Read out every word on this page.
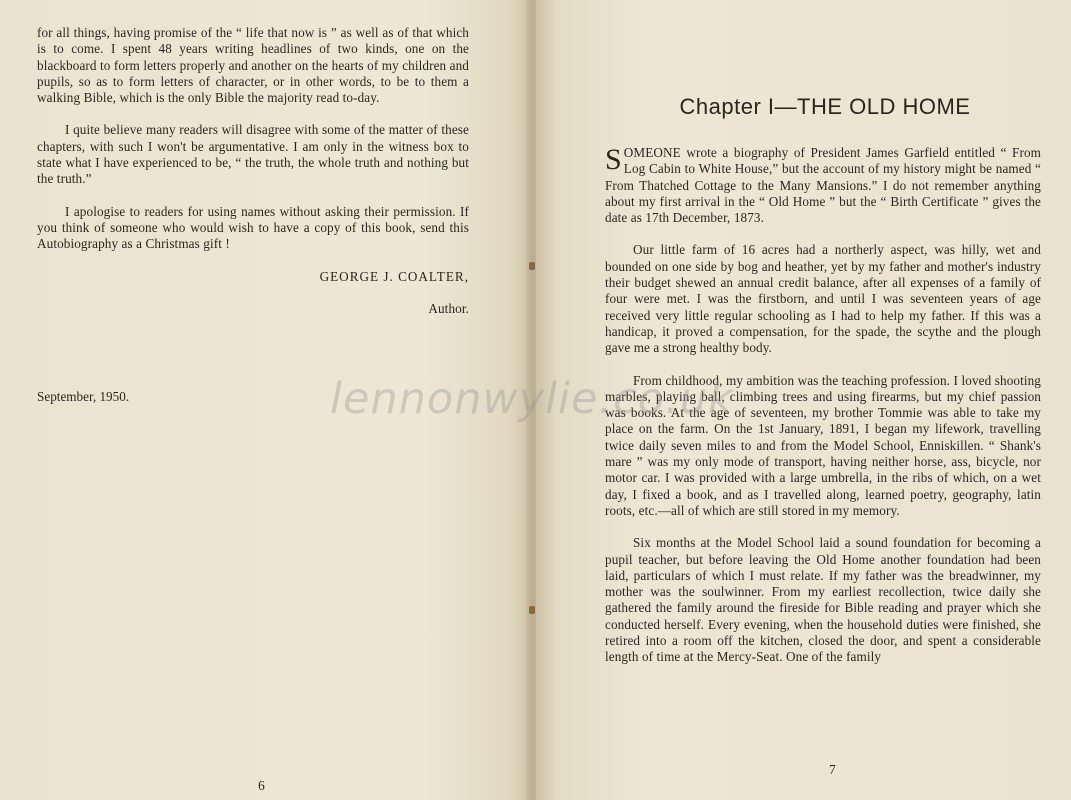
for all things, having promise of the “ life that now is ” as well as of that which is to come. I spent 48 years writing headlines of two kinds, one on the blackboard to form letters properly and another on the hearts of my children and pupils, so as to form letters of character, or in other words, to be to them a walking Bible, which is the only Bible the majority read to-day.

I quite believe many readers will disagree with some of the matter of these chapters, with such I won't be argumentative. I am only in the witness box to state what I have experienced to be, “ the truth, the whole truth and nothing but the truth.”

I apologise to readers for using names without asking their permission. If you think of someone who would wish to have a copy of this book, send this Autobiography as a Christmas gift !

GEORGE J. COALTER,

Author.

September, 1950.
6
Chapter I—THE OLD HOME

SOMEONE wrote a biography of President James Garfield entitled “ From Log Cabin to White House,” but the account of my history might be named “ From Thatched Cottage to the Many Mansions.” I do not remember anything about my first arrival in the “ Old Home ” but the “ Birth Certificate ” gives the date as 17th December, 1873.

Our little farm of 16 acres had a northerly aspect, was hilly, wet and bounded on one side by bog and heather, yet by my father and mother's industry their budget shewed an annual credit balance, after all expenses of a family of four were met. I was the firstborn, and until I was seventeen years of age received very little regular schooling as I had to help my father. If this was a handicap, it proved a compensation, for the spade, the scythe and the plough gave me a strong healthy body.

From childhood, my ambition was the teaching profession. I loved shooting marbles, playing ball, climbing trees and using firearms, but my chief passion was books. At the age of seventeen, my brother Tommie was able to take my place on the farm. On the 1st January, 1891, I began my lifework, travelling twice daily seven miles to and from the Model School, Enniskillen. “ Shank's mare ” was my only mode of transport, having neither horse, ass, bicycle, nor motor car. I was provided with a large umbrella, in the ribs of which, on a wet day, I fixed a book, and as I travelled along, learned poetry, geography, latin roots, etc.—all of which are still stored in my memory.

Six months at the Model School laid a sound foundation for becoming a pupil teacher, but before leaving the Old Home another foundation had been laid, particulars of which I must relate. If my father was the breadwinner, my mother was the soulwinner. From my earliest recollection, twice daily she gathered the family around the fireside for Bible reading and prayer which she conducted herself. Every evening, when the household duties were finished, she retired into a room off the kitchen, closed the door, and spent a considerable length of time at the Mercy-Seat. One of the family

7
lennonwylie.co.uk
